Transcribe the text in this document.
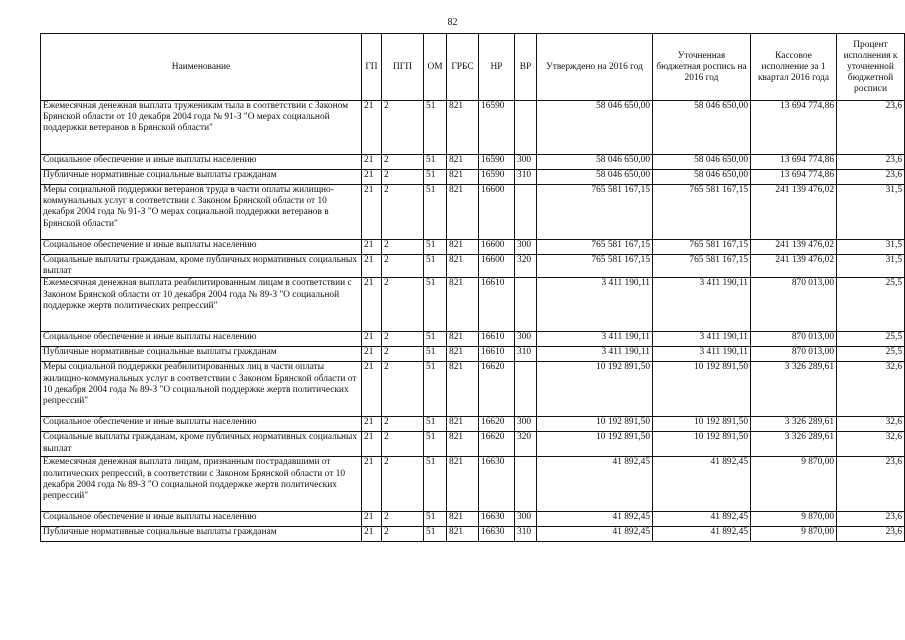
82
Наименование	ГП	ПГП	ОМ	ГРБС	НР	ВР	Утверждено на 2016 год	Уточненная бюджетная роспись на 2016 год	Кассовое исполнение за 1 квартал 2016 года	Процент исполнения к уточненной бюджетной росписи
Ежемесячная денежная выплата труженикам тыла в соответствии с Законом Брянской области от 10 декабря 2004 года № 91-З "О мерах социальной поддержки ветеранов в Брянской области"	21	2	51	821	16590		58 046 650,00	58 046 650,00	13 694 774,86	23,6
Социальное обеспечение и иные выплаты населению	21	2	51	821	16590	300	58 046 650,00	58 046 650,00	13 694 774,86	23,6
Публичные нормативные социальные выплаты гражданам	21	2	51	821	16590	310	58 046 650,00	58 046 650,00	13 694 774,86	23,6
Меры социальной поддержки ветеранов труда в части оплаты жилищно-коммунальных услуг в соответствии с Законом Брянской области от 10 декабря 2004 года № 91-З "О мерах социальной поддержки ветеранов в Брянской области"	21	2	51	821	16600		765 581 167,15	765 581 167,15	241 139 476,02	31,5
Социальное обеспечение и иные выплаты населению	21	2	51	821	16600	300	765 581 167,15	765 581 167,15	241 139 476,02	31,5
Социальные выплаты гражданам, кроме публичных нормативных социальных выплат	21	2	51	821	16600	320	765 581 167,15	765 581 167,15	241 139 476,02	31,5
Ежемесячная денежная выплата реабилитированным лицам в соответствии с Законом Брянской области от 10 декабря 2004 года № 89-З "О социальной поддержке жертв политических репрессий"	21	2	51	821	16610		3 411 190,11	3 411 190,11	870 013,00	25,5
Социальное обеспечение и иные выплаты населению	21	2	51	821	16610	300	3 411 190,11	3 411 190,11	870 013,00	25,5
Публичные нормативные социальные выплаты гражданам	21	2	51	821	16610	310	3 411 190,11	3 411 190,11	870 013,00	25,5
Меры социальной поддержки реабилитированных лиц в части оплаты жилищно-коммунальных услуг в соответствии с Законом Брянской области от 10 декабря 2004 года № 89-З "О социальной поддержке жертв политических репрессий"	21	2	51	821	16620		10 192 891,50	10 192 891,50	3 326 289,61	32,6
Социальное обеспечение и иные выплаты населению	21	2	51	821	16620	300	10 192 891,50	10 192 891,50	3 326 289,61	32,6
Социальные выплаты гражданам, кроме публичных нормативных социальных выплат	21	2	51	821	16620	320	10 192 891,50	10 192 891,50	3 326 289,61	32,6
Ежемесячная денежная выплата лицам, признанным пострадавшими от политических репрессий, в соответствии с Законом Брянской области от 10 декабря 2004 года № 89-З "О социальной поддержке жертв политических репрессий"	21	2	51	821	16630		41 892,45	41 892,45	9 870,00	23,6
Социальное обеспечение и иные выплаты населению	21	2	51	821	16630	300	41 892,45	41 892,45	9 870,00	23,6
Публичные нормативные социальные выплаты гражданам	21	2	51	821	16630	310	41 892,45	41 892,45	9 870,00	23,6
